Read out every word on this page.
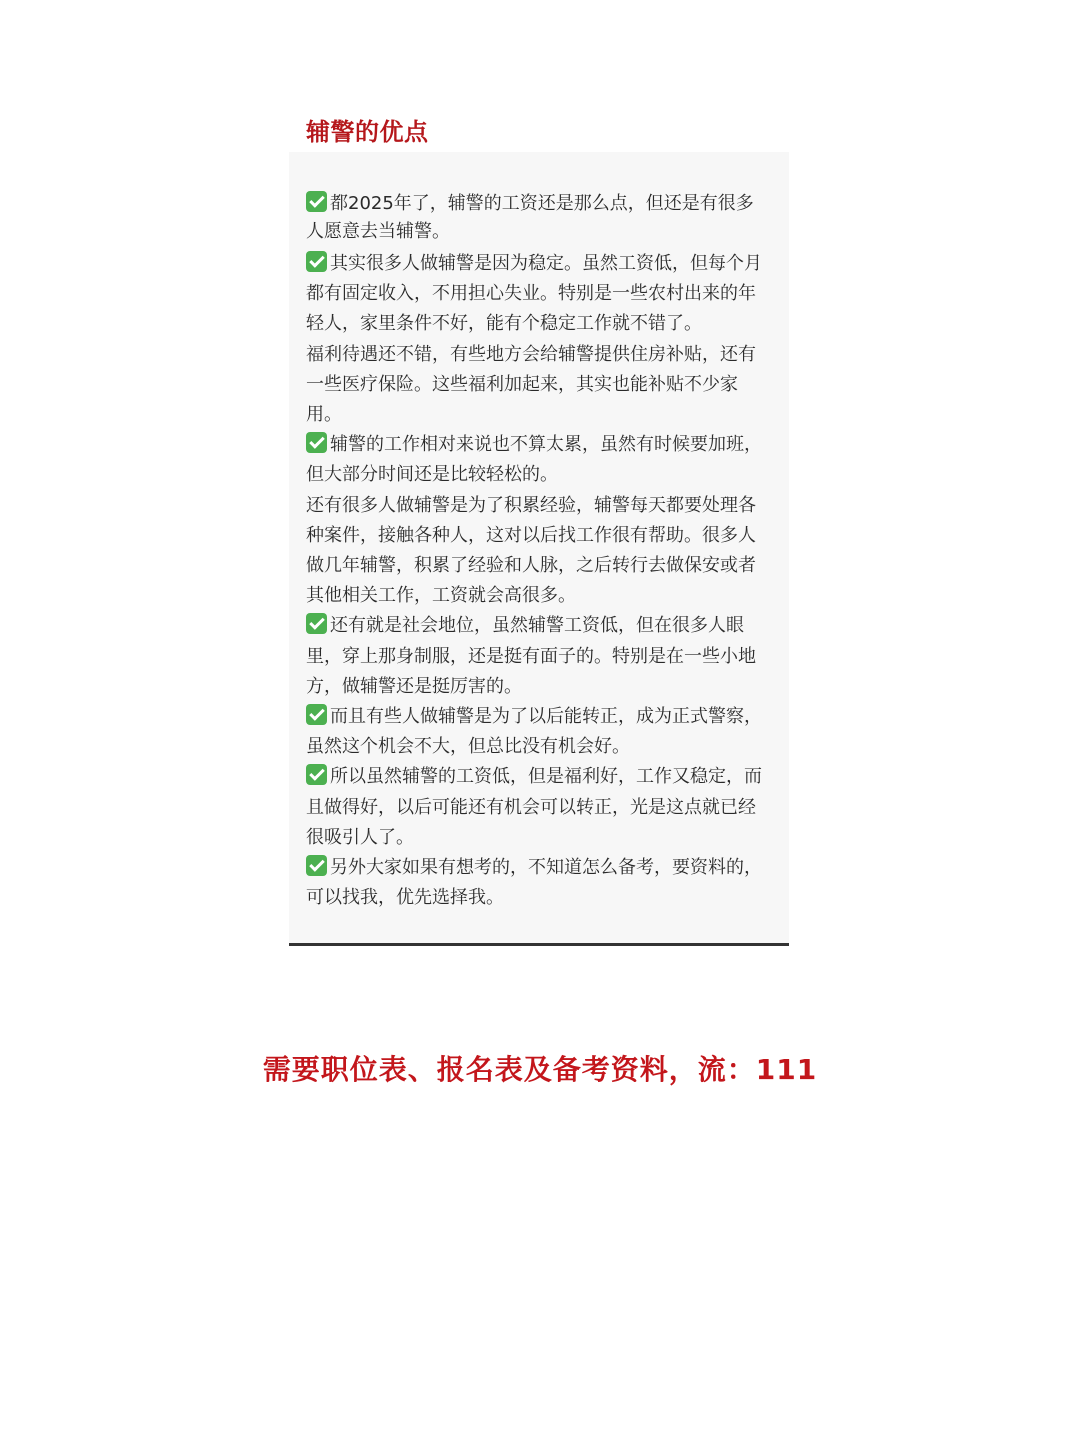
辅警的优点

都2025年了，辅警的工资还是那么点，但还是有很多人愿意去当辅警。

其实很多人做辅警是因为稳定。虽然工资低，但每个月都有固定收入，不用担心失业。特别是一些农村出来的年轻人，家里条件不好，能有个稳定工作就不错了。

福利待遇还不错，有些地方会给辅警提供住房补贴，还有一些医疗保险。这些福利加起来，其实也能补贴不少家用。

辅警的工作相对来说也不算太累，虽然有时候要加班，但大部分时间还是比较轻松的。

还有很多人做辅警是为了积累经验，辅警每天都要处理各种案件，接触各种人，这对以后找工作很有帮助。很多人做几年辅警，积累了经验和人脉，之后转行去做保安或者其他相关工作，工资就会高很多。

还有就是社会地位，虽然辅警工资低，但在很多人眼里，穿上那身制服，还是挺有面子的。特别是在一些小地方，做辅警还是挺厉害的。

而且有些人做辅警是为了以后能转正，成为正式警察，虽然这个机会不大，但总比没有机会好。

所以虽然辅警的工资低，但是福利好，工作又稳定，而且做得好，以后可能还有机会可以转正，光是这点就已经很吸引人了。

另外大家如果有想考的，不知道怎么备考，要资料的，可以找我，优先选择我。

需要职位表、报名表及备考资料，流：111
